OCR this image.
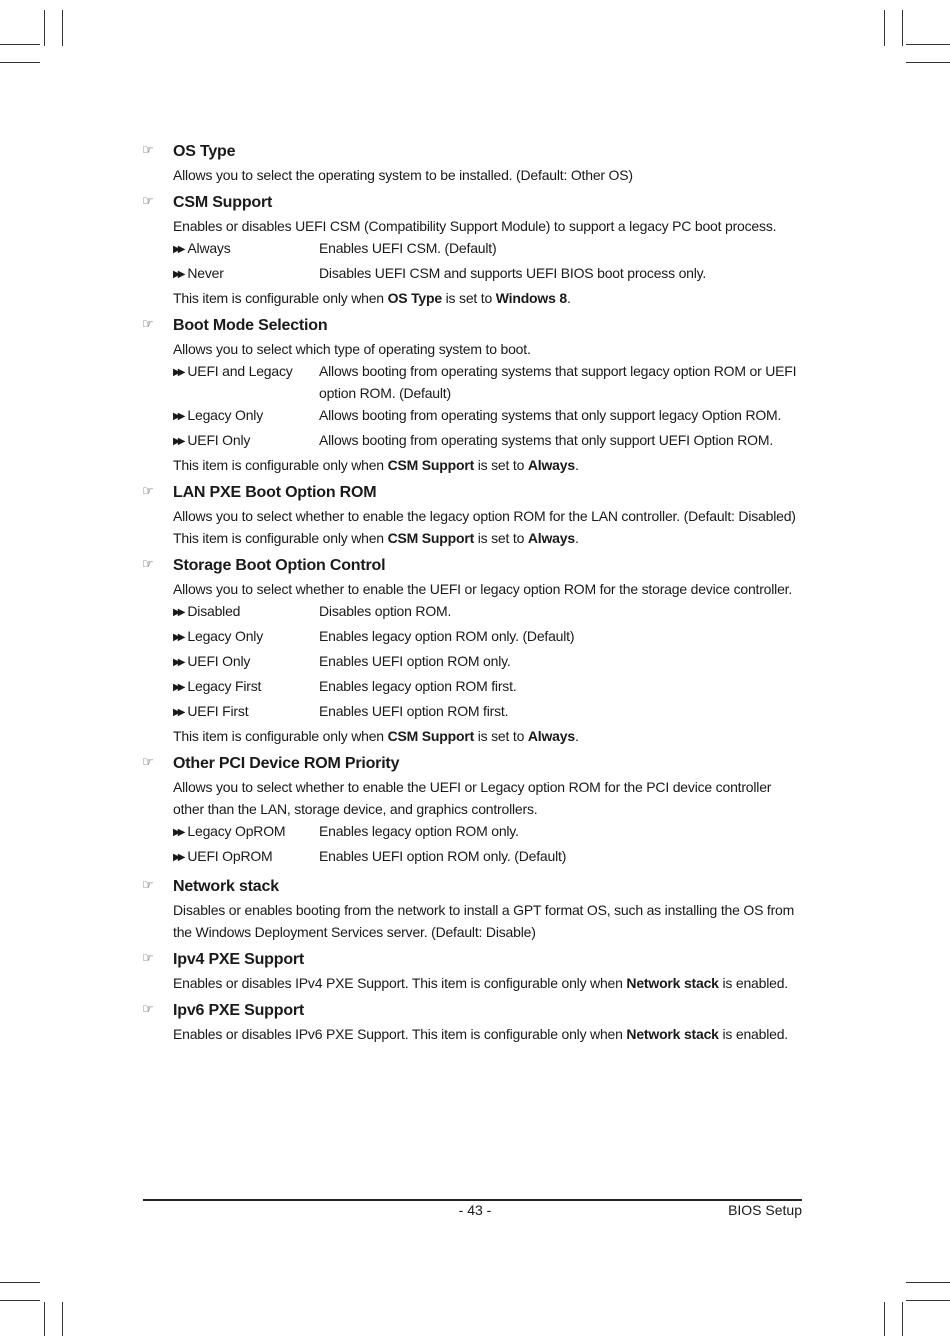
☞	OS Type
Allows you to select the operating system to be installed. (Default: Other OS)
☞	CSM Support
Enables or disables UEFI CSM (Compatibility Support Module) to support a legacy PC boot process.
▶▶ Always	Enables UEFI CSM. (Default)
▶▶ Never	Disables UEFI CSM and supports UEFI BIOS boot process only.
This item is configurable only when OS Type is set to Windows 8.
☞	Boot Mode Selection
Allows you to select which type of operating system to boot.
▶▶ UEFI and Legacy	Allows booting from operating systems that support legacy option ROM or UEFI option ROM. (Default)
▶▶ Legacy Only	Allows booting from operating systems that only support legacy Option ROM.
▶▶ UEFI Only	Allows booting from operating systems that only support UEFI Option ROM.
This item is configurable only when CSM Support is set to Always.
☞	LAN PXE Boot Option ROM
Allows you to select whether to enable the legacy option ROM for the LAN controller. (Default: Disabled)
This item is configurable only when CSM Support is set to Always.
☞	Storage Boot Option Control
Allows you to select whether to enable the UEFI or legacy option ROM for the storage device controller.
▶▶ Disabled	Disables option ROM.
▶▶ Legacy Only	Enables legacy option ROM only. (Default)
▶▶ UEFI Only	Enables UEFI option ROM only.
▶▶ Legacy First	Enables legacy option ROM first.
▶▶ UEFI First	Enables UEFI option ROM first.
This item is configurable only when CSM Support is set to Always.
☞	Other PCI Device ROM Priority
Allows you to select whether to enable the UEFI or Legacy option ROM for the PCI device controller other than the LAN, storage device, and graphics controllers.
▶▶ Legacy OpROM	Enables legacy option ROM only.
▶▶ UEFI OpROM	Enables UEFI option ROM only. (Default)
☞	Network stack
Disables or enables booting from the network to install a GPT format OS, such as installing the OS from the Windows Deployment Services server. (Default: Disable)
☞	Ipv4 PXE Support
Enables or disables IPv4 PXE Support. This item is configurable only when Network stack is enabled.
☞	Ipv6 PXE Support
Enables or disables IPv6 PXE Support. This item is configurable only when Network stack is enabled.
- 43 -	BIOS Setup
